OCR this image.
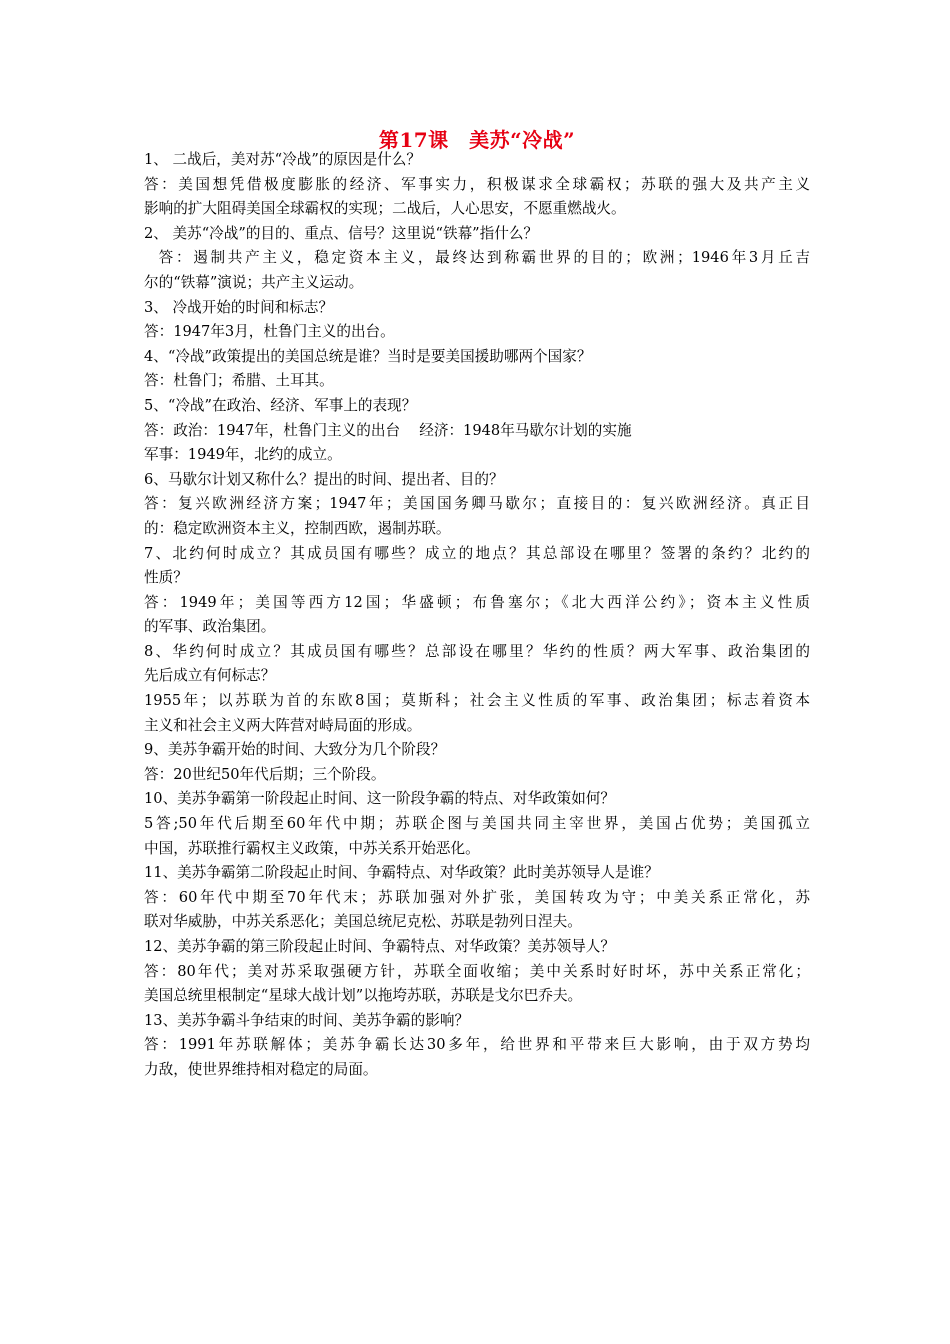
第17课　美苏“冷战”
1、 二战后，美对苏“冷战”的原因是什么？
答：美国想凭借极度膨胀的经济、军事实力，积极谋求全球霸权；苏联的强大及共产主义
影响的扩大阻碍美国全球霸权的实现；二战后，人心思安，不愿重燃战火。
2、 美苏“冷战”的目的、重点、信号？这里说“铁幕”指什么？
答：遏制共产主义，稳定资本主义，最终达到称霸世界的目的；欧洲；1946年3月丘吉
尔的“铁幕”演说；共产主义运动。
3、 冷战开始的时间和标志？
答：1947年3月，杜鲁门主义的出台。
4、“冷战”政策提出的美国总统是谁？当时是要美国援助哪两个国家？
答：杜鲁门；希腊、土耳其。
5、“冷战”在政治、经济、军事上的表现？
答：政治：1947年，杜鲁门主义的出台　 经济：1948年马歇尔计划的实施
军事：1949年，北约的成立。
6、马歇尔计划又称什么？提出的时间、提出者、目的？
答：复兴欧洲经济方案；1947年；美国国务卿马歇尔；直接目的：复兴欧洲经济。真正目
的：稳定欧洲资本主义，控制西欧，遏制苏联。
7、北约何时成立？其成员国有哪些？成立的地点？其总部设在哪里？签署的条约？北约的
性质？
答：1949年；美国等西方12国；华盛顿；布鲁塞尔；《北大西洋公约》；资本主义性质
的军事、政治集团。
8、华约何时成立？其成员国有哪些？总部设在哪里？华约的性质？两大军事、政治集团的
先后成立有何标志？
1955年；以苏联为首的东欧8国；莫斯科；社会主义性质的军事、政治集团；标志着资本
主义和社会主义两大阵营对峙局面的形成。
9、美苏争霸开始的时间、大致分为几个阶段？
答：20世纪50年代后期；三个阶段。
10、美苏争霸第一阶段起止时间、这一阶段争霸的特点、对华政策如何？
5答;50年代后期至60年代中期；苏联企图与美国共同主宰世界，美国占优势；美国孤立
中国，苏联推行霸权主义政策，中苏关系开始恶化。
11、美苏争霸第二阶段起止时间、争霸特点、对华政策？此时美苏领导人是谁？
答：60年代中期至70年代末；苏联加强对外扩张，美国转攻为守；中美关系正常化，苏
联对华威胁，中苏关系恶化；美国总统尼克松、苏联是勃列日涅夫。
12、美苏争霸的第三阶段起止时间、争霸特点、对华政策？美苏领导人？
答：80年代；美对苏采取强硬方针，苏联全面收缩；美中关系时好时坏，苏中关系正常化；
美国总统里根制定“星球大战计划”以拖垮苏联，苏联是戈尔巴乔夫。
13、美苏争霸斗争结束的时间、美苏争霸的影响？
答：1991年苏联解体；美苏争霸长达30多年，给世界和平带来巨大影响，由于双方势均
力敌，使世界维持相对稳定的局面。
